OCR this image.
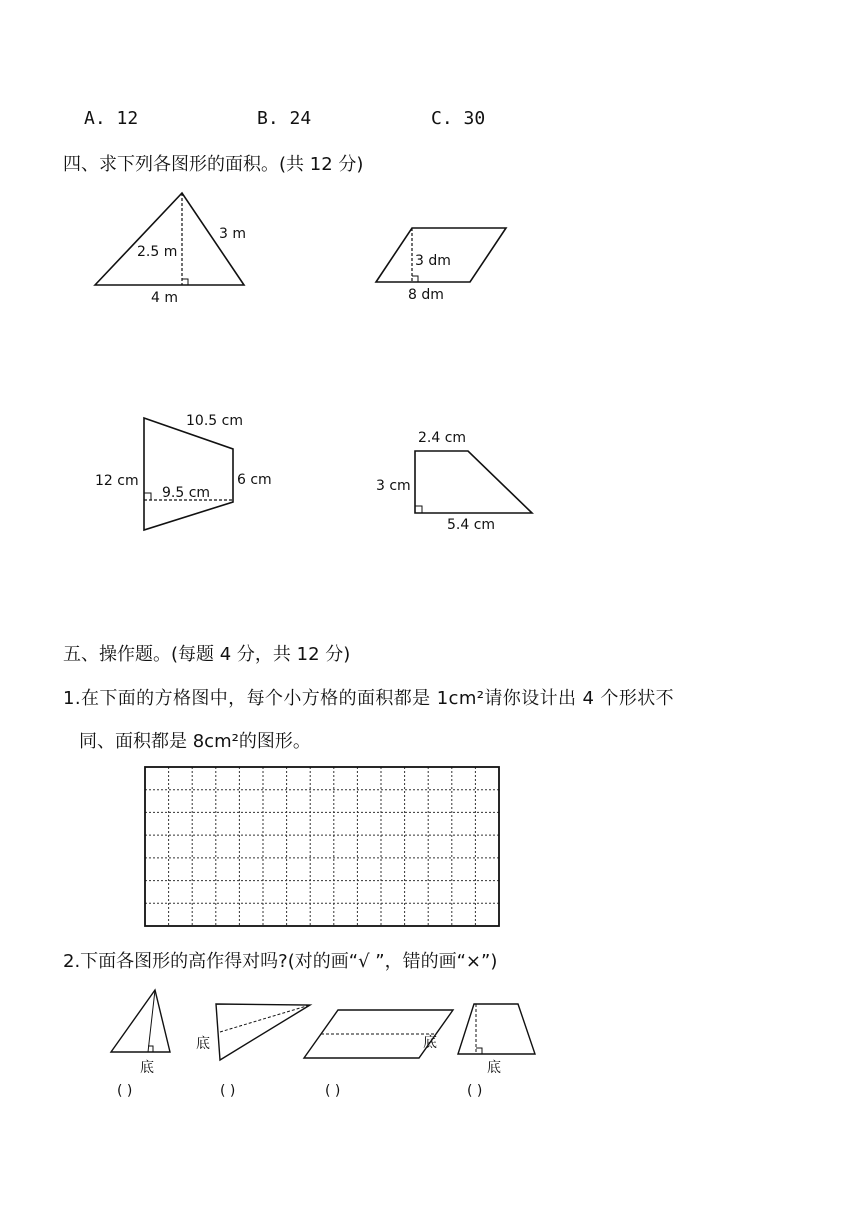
A. 12	B. 24	C. 30
四、求下列各图形的面积。(共 12 分)
2.5 m
3 m
4 m
3 dm
8 dm
10.5 cm
12 cm
9.5 cm
6 cm
2.4 cm
3 cm
5.4 cm
五、操作题。(每题 4 分，共 12 分)
1.在下面的方格图中，每个小方格的面积都是 1cm²请你设计出 4 个形状不
同、面积都是 8cm²的图形。
2.下面各图形的高作得对吗?(对的画“√ ”，错的画“×”)
底
( )
底
( )
底
( )
底
( )
